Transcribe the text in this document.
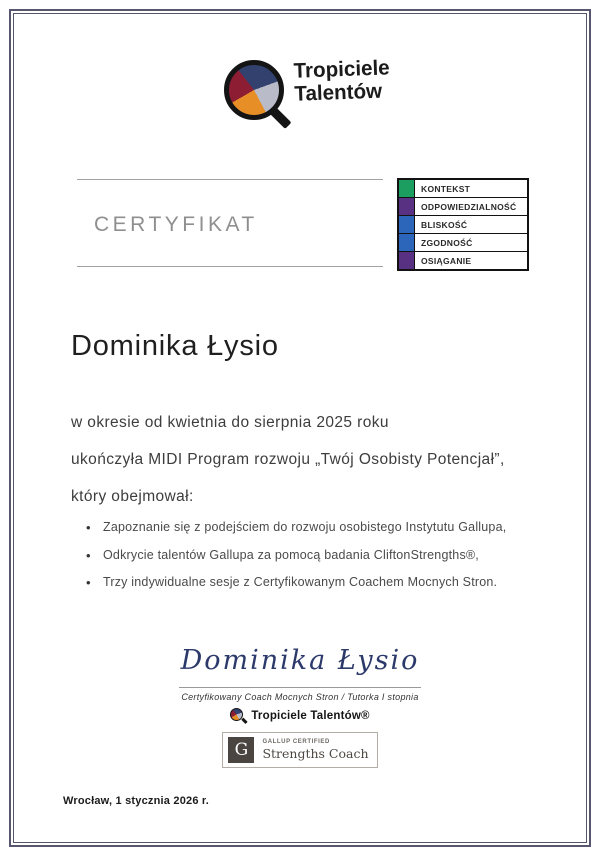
Tropiciele
Talentów
CERTYFIKAT
KONTEKST
ODPOWIEDZIALNOŚĆ
BLISKOŚĆ
ZGODNOŚĆ
OSIĄGANIE
Dominika Łysio
w okresie od kwietnia do sierpnia 2025 roku
ukończyła MIDI Program rozwoju „Twój Osobisty Potencjał”,
który obejmował:
• Zapoznanie się z podejściem do rozwoju osobistego Instytutu Gallupa,
• Odkrycie talentów Gallupa za pomocą badania CliftonStrengths®,
• Trzy indywidualne sesje z Certyfikowanym Coachem Mocnych Stron.
Dominika Łysio
Certyfikowany Coach Mocnych Stron / Tutorka I stopnia
Tropiciele Talentów®
G	GALLUP CERTIFIED
Strengths Coach
Wrocław, 1 stycznia 2026 r.
